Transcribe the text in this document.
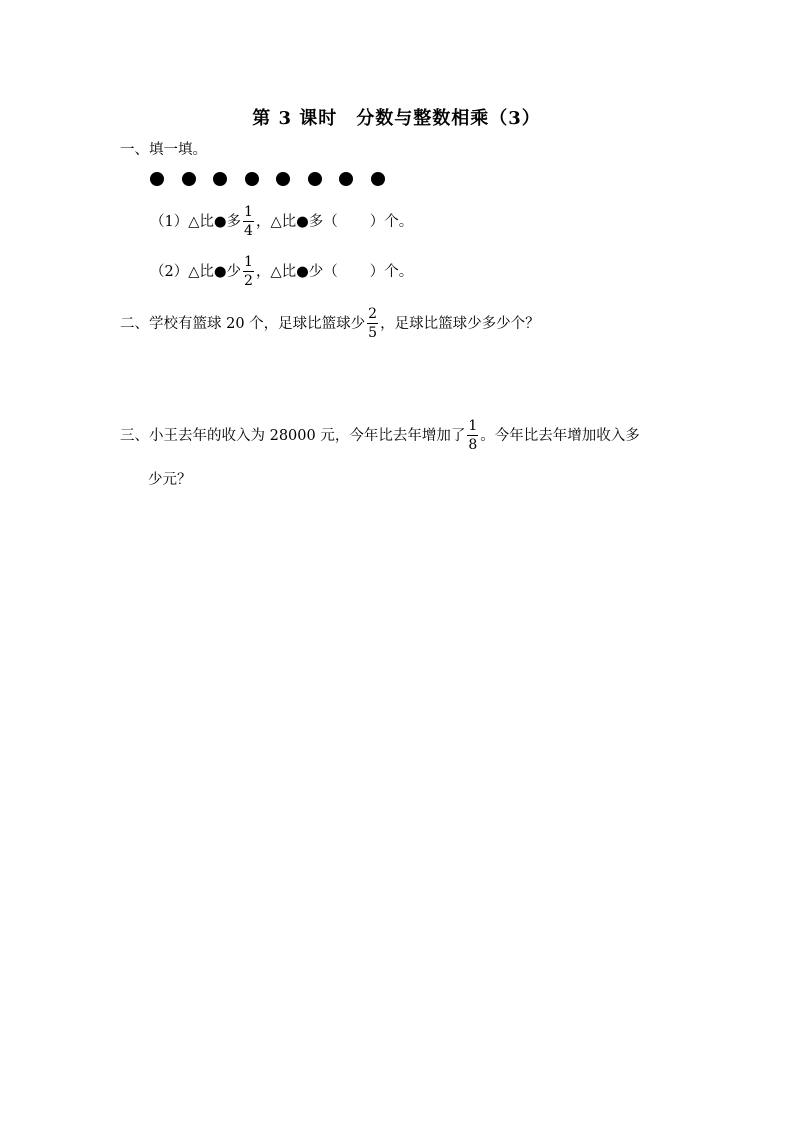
第 3 课时　分数与整数相乘（3）
一、填一填。
（1）△比●多 $\frac{1}{4}$ ，△比●多（ ）个。
（2）△比●少 $\frac{1}{2}$ ，△比●少（ ）个。
二、学校有篮球 20 个，足球比篮球少 $\frac{2}{5}$ ，足球比篮球少多少个？
三、小王去年的收入为 28000 元，今年比去年增加了 $\frac{1}{8}$ 。今年比去年增加收入多
少元？
